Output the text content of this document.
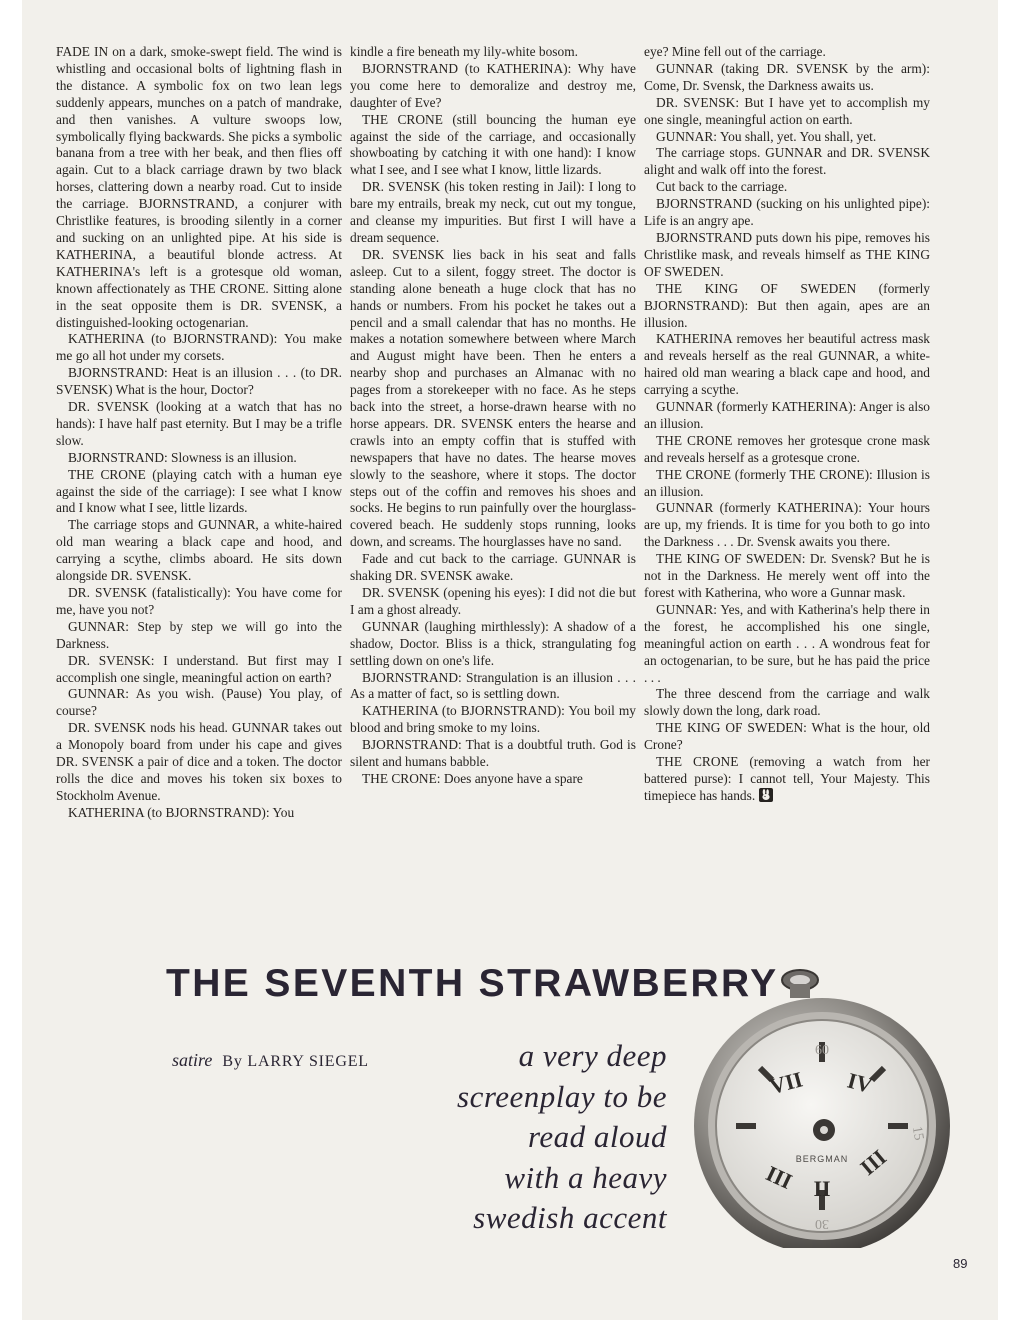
FADE IN on a dark, smoke-swept field. The wind is whistling and occasional bolts of lightning flash in the distance. A symbolic fox on two lean legs suddenly appears, munches on a patch of mandrake, and then vanishes. A vulture swoops low, symbolically flying backwards. She picks a symbolic banana from a tree with her beak, and then flies off again. Cut to a black carriage drawn by two black horses, clattering down a nearby road. Cut to inside the carriage. BJORNSTRAND, a conjurer with Christlike features, is brooding silently in a corner and sucking on an unlighted pipe. At his side is KATHERINA, a beautiful blonde actress. At KATHERINA's left is a grotesque old woman, known affectionately as THE CRONE. Sitting alone in the seat opposite them is DR. SVENSK, a distinguished-looking octogenarian.

KATHERINA (to BJORNSTRAND): You make me go all hot under my corsets.

BJORNSTRAND: Heat is an illusion . . . (to DR. SVENSK) What is the hour, Doctor?

DR. SVENSK (looking at a watch that has no hands): I have half past eternity. But I may be a trifle slow.

BJORNSTRAND: Slowness is an illusion.

THE CRONE (playing catch with a human eye against the side of the carriage): I see what I know and I know what I see, little lizards.

The carriage stops and GUNNAR, a white-haired old man wearing a black cape and hood, and carrying a scythe, climbs aboard. He sits down alongside DR. SVENSK.

DR. SVENSK (fatalistically): You have come for me, have you not?

GUNNAR: Step by step we will go into the Darkness.

DR. SVENSK: I understand. But first may I accomplish one single, meaningful action on earth?

GUNNAR: As you wish. (Pause) You play, of course?

DR. SVENSK nods his head. GUNNAR takes out a Monopoly board from under his cape and gives DR. SVENSK a pair of dice and a token. The doctor rolls the dice and moves his token six boxes to Stockholm Avenue.

KATHERINA (to BJORNSTRAND): You

kindle a fire beneath my lily-white bosom.

BJORNSTRAND (to KATHERINA): Why have you come here to demoralize and destroy me, daughter of Eve?

THE CRONE (still bouncing the human eye against the side of the carriage, and occasionally showboating by catching it with one hand): I know what I see, and I see what I know, little lizards.

DR. SVENSK (his token resting in Jail): I long to bare my entrails, break my neck, cut out my tongue, and cleanse my impurities. But first I will have a dream sequence.

DR. SVENSK lies back in his seat and falls asleep. Cut to a silent, foggy street. The doctor is standing alone beneath a huge clock that has no hands or numbers. From his pocket he takes out a pencil and a small calendar that has no months. He makes a notation somewhere between where March and August might have been. Then he enters a nearby shop and purchases an Almanac with no pages from a storekeeper with no face. As he steps back into the street, a horse-drawn hearse with no horse appears. DR. SVENSK enters the hearse and crawls into an empty coffin that is stuffed with newspapers that have no dates. The hearse moves slowly to the seashore, where it stops. The doctor steps out of the coffin and removes his shoes and socks. He begins to run painfully over the hourglass-covered beach. He suddenly stops running, looks down, and screams. The hourglasses have no sand.

Fade and cut back to the carriage. GUNNAR is shaking DR. SVENSK awake.

DR. SVENSK (opening his eyes): I did not die but I am a ghost already.

GUNNAR (laughing mirthlessly): A shadow of a shadow, Doctor. Bliss is a thick, strangulating fog settling down on one's life.

BJORNSTRAND: Strangulation is an illusion . . . As a matter of fact, so is settling down.

KATHERINA (to BJORNSTRAND): You boil my blood and bring smoke to my loins.

BJORNSTRAND: That is a doubtful truth. God is silent and humans babble.

THE CRONE: Does anyone have a spare

eye? Mine fell out of the carriage.

GUNNAR (taking DR. SVENSK by the arm): Come, Dr. Svensk, the Darkness awaits us.

DR. SVENSK: But I have yet to accomplish my one single, meaningful action on earth.

GUNNAR: You shall, yet. You shall, yet.

The carriage stops. GUNNAR and DR. SVENSK alight and walk off into the forest.

Cut back to the carriage.

BJORNSTRAND (sucking on his unlighted pipe): Life is an angry ape.

BJORNSTRAND puts down his pipe, removes his Christlike mask, and reveals himself as THE KING OF SWEDEN.

THE KING OF SWEDEN (formerly BJORNSTRAND): But then again, apes are an illusion.

KATHERINA removes her beautiful actress mask and reveals herself as the real GUNNAR, a white-haired old man wearing a black cape and hood, and carrying a scythe.

GUNNAR (formerly KATHERINA): Anger is also an illusion.

THE CRONE removes her grotesque crone mask and reveals herself as a grotesque crone.

THE CRONE (formerly THE CRONE): Illusion is an illusion.

GUNNAR (formerly KATHERINA): Your hours are up, my friends. It is time for you both to go into the Darkness . . . Dr. Svensk awaits you there.

THE KING OF SWEDEN: Dr. Svensk? But he is not in the Darkness. He merely went off into the forest with Katherina, who wore a Gunnar mask.

GUNNAR: Yes, and with Katherina's help there in the forest, he accomplished his one single, meaningful action on earth . . . A wondrous feat for an octogenarian, to be sure, but he has paid the price . . .

The three descend from the carriage and walk slowly down the long, dark road.

THE KING OF SWEDEN: What is the hour, old Crone?

THE CRONE (removing a watch from her battered purse): I cannot tell, Your Majesty. This timepiece has hands.

THE SEVENTH STRAWBERRY
satire By LARRY SIEGEL	a very deep
screenplay to be
read aloud
with a heavy
swedish accent
VII IV
III
III II
60
15
30
BERGMAN
89
